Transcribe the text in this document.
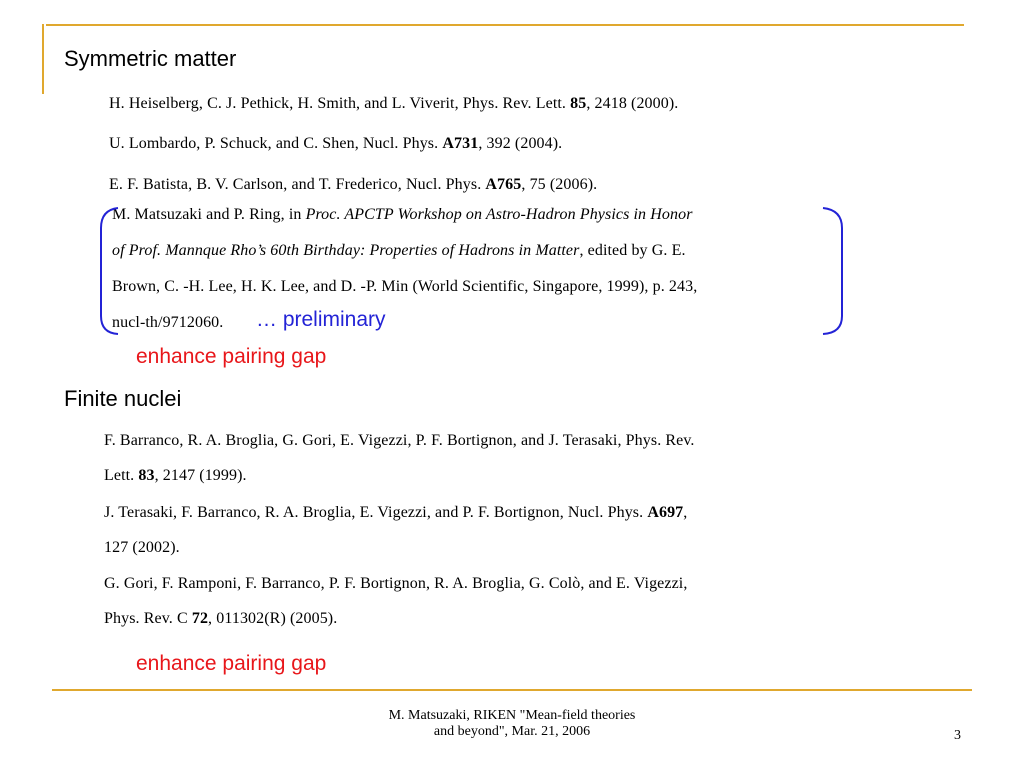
Symmetric matter
H. Heiselberg, C. J. Pethick, H. Smith, and L. Viverit, Phys. Rev. Lett. 85, 2418 (2000).
U. Lombardo, P. Schuck, and C. Shen, Nucl. Phys. A731, 392 (2004).
E. F. Batista, B. V. Carlson, and T. Frederico, Nucl. Phys. A765, 75 (2006).
M. Matsuzaki and P. Ring, in Proc. APCTP Workshop on Astro-Hadron Physics in Honor
of Prof. Mannque Rho’s 60th Birthday: Properties of Hadrons in Matter, edited by G. E.
Brown, C. -H. Lee, H. K. Lee, and D. -P. Min (World Scientific, Singapore, 1999), p. 243,
nucl-th/9712060. … preliminary
enhance pairing gap
Finite nuclei
F. Barranco, R. A. Broglia, G. Gori, E. Vigezzi, P. F. Bortignon, and J. Terasaki, Phys. Rev.
Lett. 83, 2147 (1999).
J. Terasaki, F. Barranco, R. A. Broglia, E. Vigezzi, and P. F. Bortignon, Nucl. Phys. A697,
127 (2002).
G. Gori, F. Ramponi, F. Barranco, P. F. Bortignon, R. A. Broglia, G. Colò, and E. Vigezzi,
Phys. Rev. C 72, 011302(R) (2005).
enhance pairing gap
M. Matsuzaki, RIKEN "Mean-field theories
and beyond", Mar. 21, 2006	3
